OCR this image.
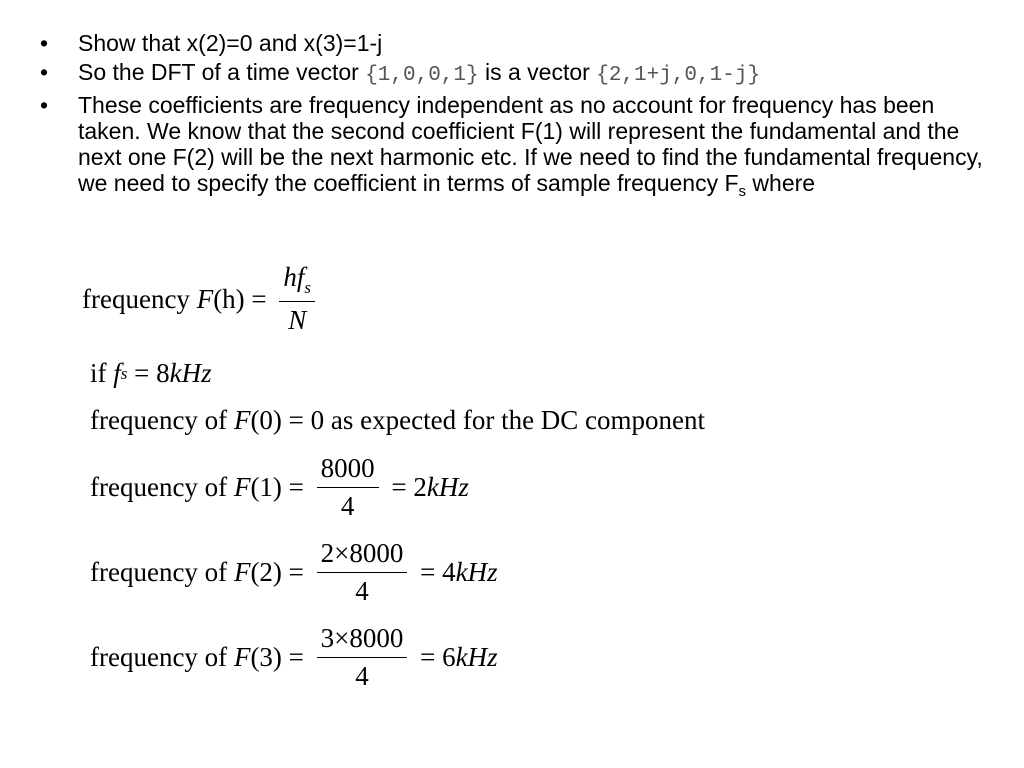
• Show that x(2)=0 and x(3)=1-j
• So the DFT of a time vector {1,0,0,1} is a vector {2,1+j,0,1-j}
• These coefficients are frequency independent as no account for frequency has been taken. We know that the second coefficient F(1) will represent the fundamental and the next one F(2) will be the next harmonic etc. If we need to find the fundamental frequency, we need to specify the coefficient in terms of sample frequency $F_s$ where
frequency F $(h) = \frac{hf_s}{N}$
if f s = 8 kHz
frequency of F (0) = 0 as expected for the DC component
frequency of F $(1) = \frac{8000}{4} = 2$ kHz
frequency of F $(2) = \frac{2\times 8000}{4} = 4$ kHz
frequency of F $(3) = \frac{3\times 8000}{4} = 6$ kHz
